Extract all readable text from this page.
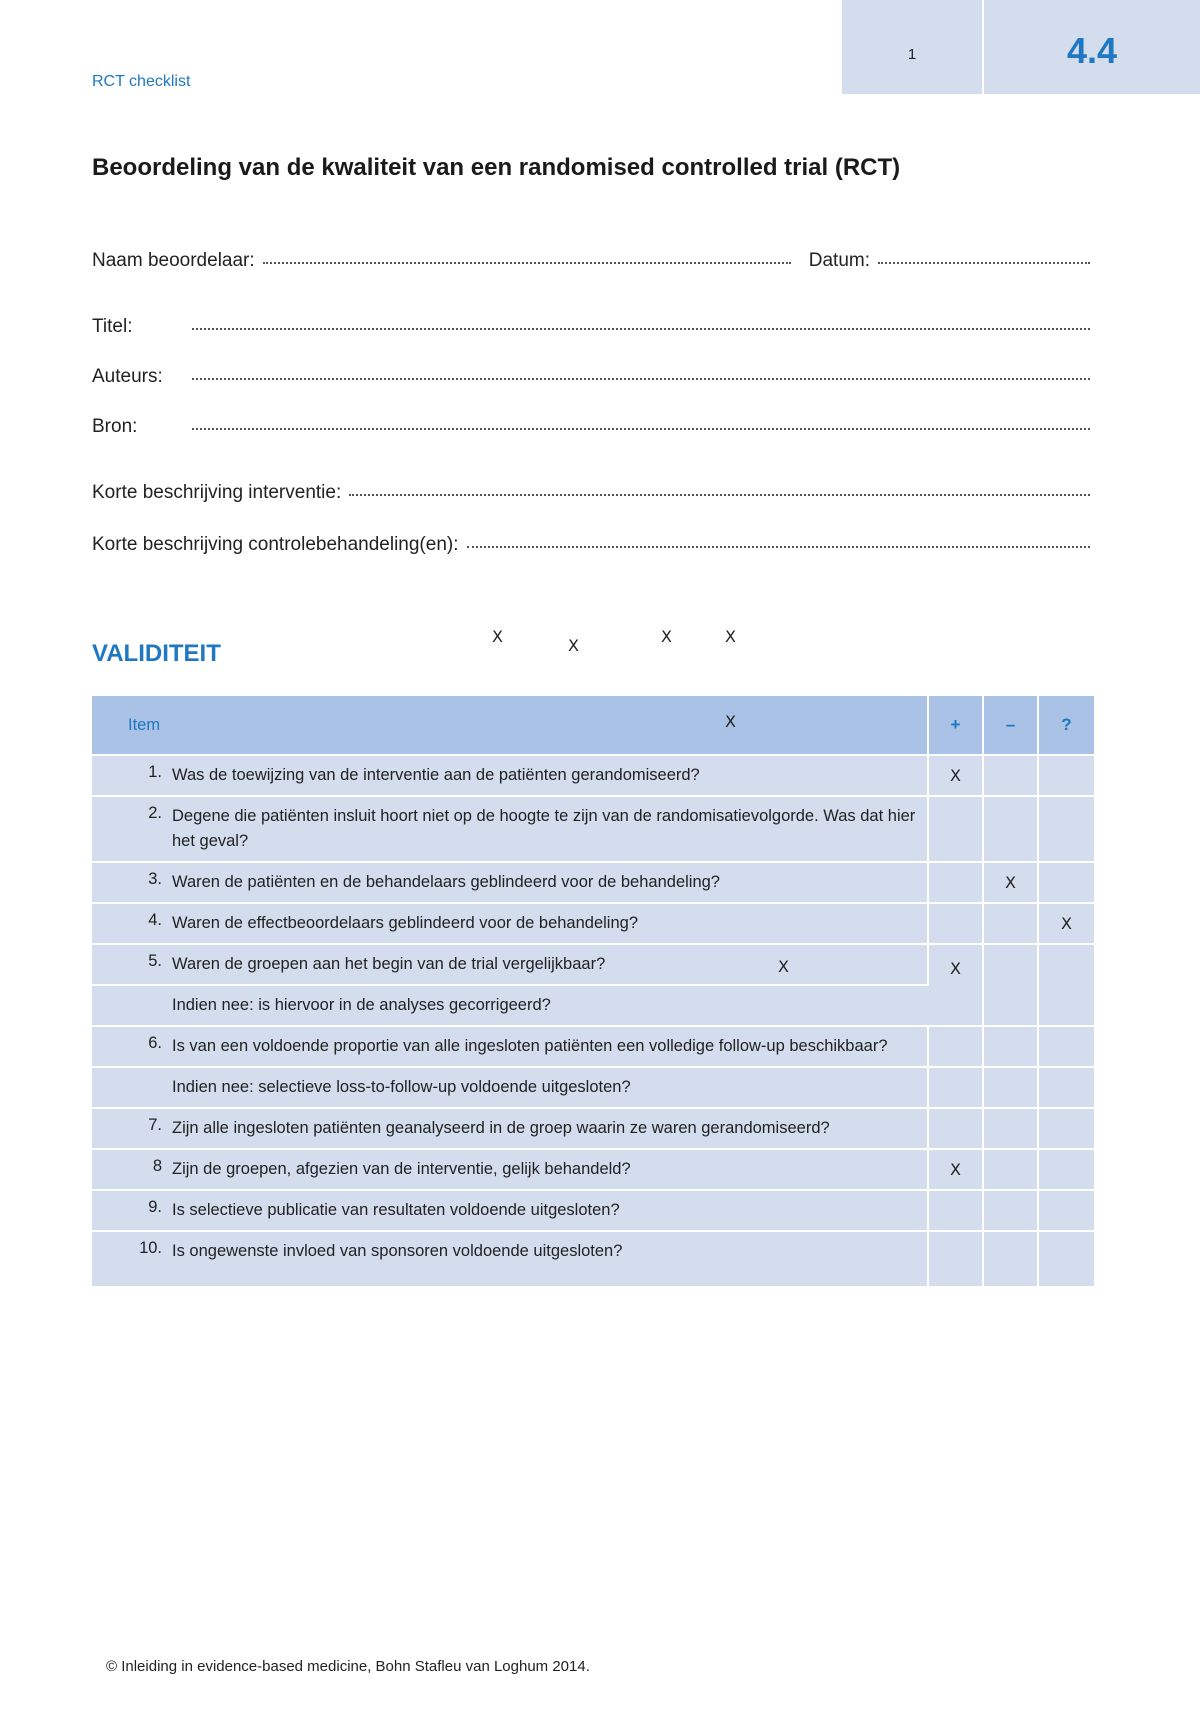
1	4.4
RCT checklist
Beoordeling van de kwaliteit van een randomised controlled trial (RCT)
Naam beoordelaar:	Datum:
Titel:
Auteurs:
Bron:
Korte beschrijving interventie:
Korte beschrijving controlebehandeling(en):
VALIDITEIT
X	X	X	X
Item	+	–	?

1. Was de toewijzing van de interventie aan de patiënten gerandomiseerd?	X		

2. Degene die patiënten insluit hoort niet op de hoogte te zijn van de randomisatievolgorde. Was dat hier het geval?			

3. Waren de patiënten en de behandelaars geblindeerd voor de behandeling?		X	

4. Waren de effectbeoordelaars geblindeerd voor de behandeling?			X

5. Waren de groepen aan het begin van de trial vergelijkbaar?	X		

Indien nee: is hiervoor in de analyses gecorrigeerd?			

6. Is van een voldoende proportie van alle ingesloten patiënten een volledige follow-up beschikbaar?			

Indien nee: selectieve loss-to-follow-up voldoende uitgesloten?			

7. Zijn alle ingesloten patiënten geanalyseerd in de groep waarin ze waren gerandomiseerd?			

8 Zijn de groepen, afgezien van de interventie, gelijk behandeld?	X		

9. Is selectieve publicatie van resultaten voldoende uitgesloten?			

10. Is ongewenste invloed van sponsoren voldoende uitgesloten?			

X
X
© Inleiding in evidence-based medicine, Bohn Stafleu van Loghum 2014.
